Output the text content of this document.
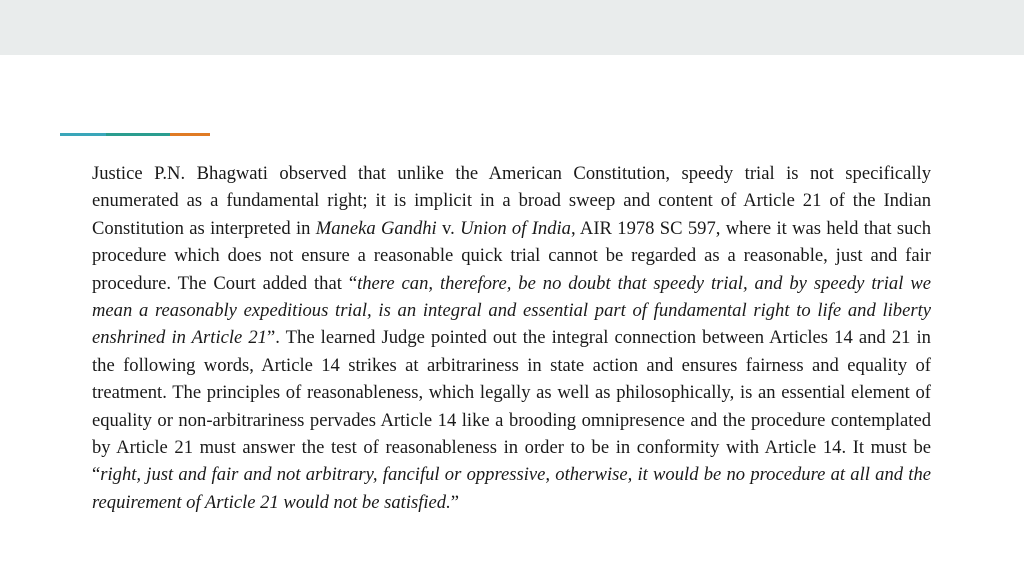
Justice P.N. Bhagwati observed that unlike the American Constitution, speedy trial is not specifically enumerated as a fundamental right; it is implicit in a broad sweep and content of Article 21 of the Indian Constitution as interpreted in Maneka Gandhi v. Union of India, AIR 1978 SC 597, where it was held that such procedure which does not ensure a reasonable quick trial cannot be regarded as a reasonable, just and fair procedure. The Court added that “there can, therefore, be no doubt that speedy trial, and by speedy trial we mean a reasonably expeditious trial, is an integral and essential part of fundamental right to life and liberty enshrined in Article 21”. The learned Judge pointed out the integral connection between Articles 14 and 21 in the following words, Article 14 strikes at arbitrariness in state action and ensures fairness and equality of treatment. The principles of reasonableness, which legally as well as philosophically, is an essential element of equality or non-arbitrariness pervades Article 14 like a brooding omnipresence and the procedure contemplated by Article 21 must answer the test of reasonableness in order to be in conformity with Article 14. It must be “right, just and fair and not arbitrary, fanciful or oppressive, otherwise, it would be no procedure at all and the requirement of Article 21 would not be satisfied.”
